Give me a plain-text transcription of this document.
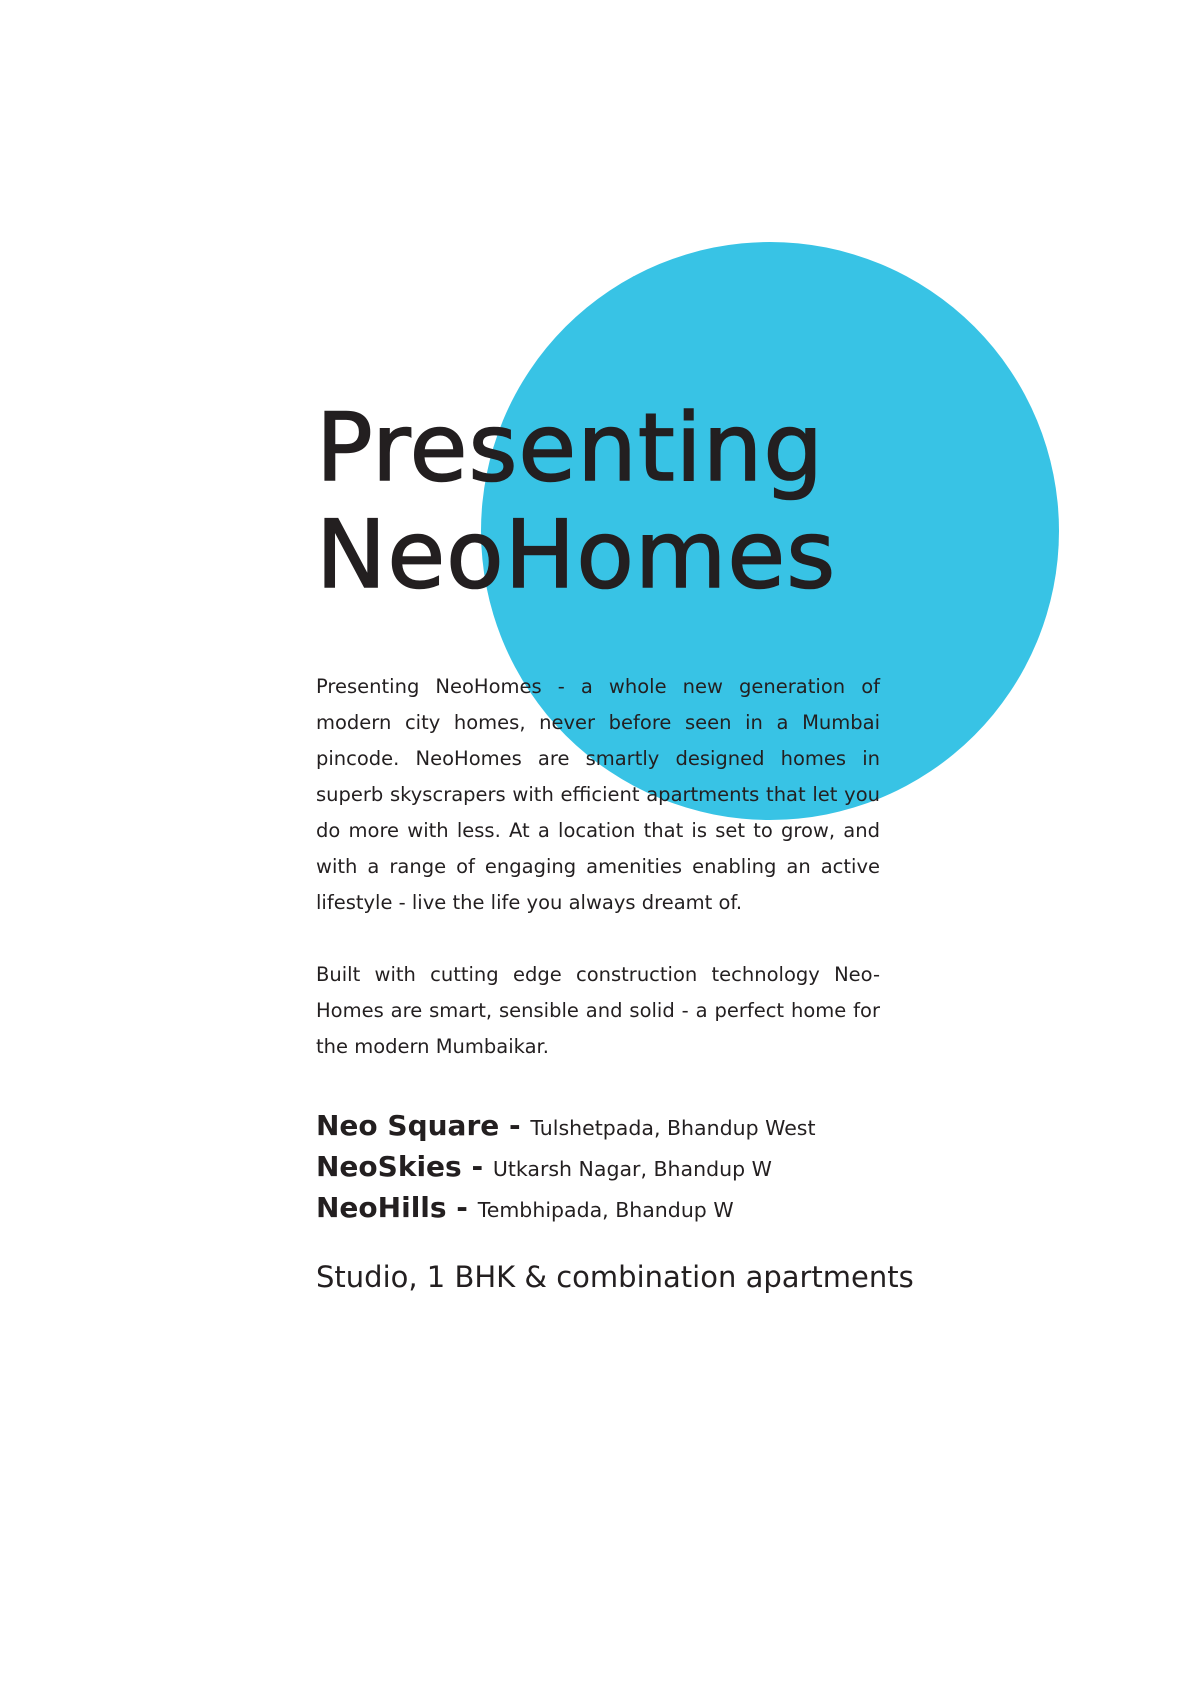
Presenting
NeoHomes

Presenting NeoHomes - a whole new generation of modern city homes, never before seen in a Mumbai pincode. NeoHomes are smartly designed homes in superb skyscrapers with efficient apartments that let you do more with less. At a location that is set to grow, and with a range of engaging amenities enabling an active lifestyle - live the life you always dreamt of.

Built with cutting edge construction technology Neo-Homes are smart, sensible and solid - a perfect home for the modern Mumbaikar.

Neo Square - Tulshetpada, Bhandup West
NeoSkies - Utkarsh Nagar, Bhandup W
NeoHills - Tembhipada, Bhandup W
Studio, 1 BHK & combination apartments
